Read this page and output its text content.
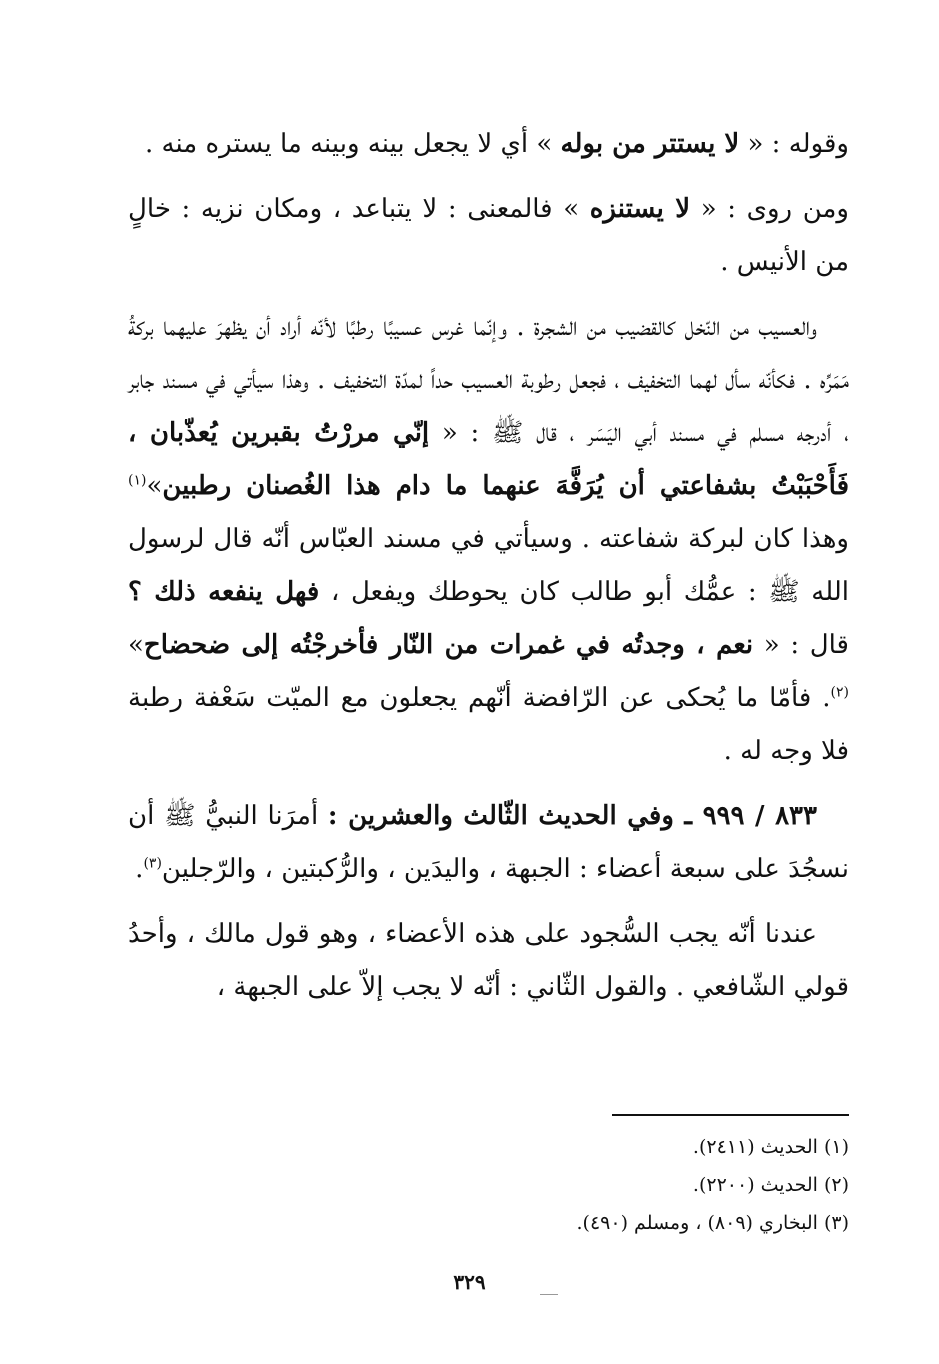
وقوله : « لا يستتر من بوله » أي لا يجعل بينه وبينه ما يستره منه .

ومن روى : « لا يستنزه » فالمعنى : لا يتباعد ، ومكان نزيه : خالٍ من الأنيس .

والعسيب من النّخل كالقضيب من الشجرة . وإنّما غرس عسيبًا رطبًا لأنّه أراد أن يظهرَ عليهما بركةُ مَمَرِّه . فكأنّه سأل لهما التخفيف ، فجعل رطوبة العسيب حداً لمدّة التخفيف . وهذا سيأتي في مسند جابر ، أدرجه مسلم في مسند أبي اليَسَر ، قال ﷺ : « إنّي مررْتُ بقبرين يُعذّبان ، فَأَحْبَبْتُ بشفاعتي أن يُرَفَّهَ عنهما ما دام هذا الغُصنان رطبين»$^{(١)}$ وهذا كان لبركة شفاعته . وسيأتي في مسند العبّاس أنّه قال لرسول الله ﷺ : عمُّك أبو طالب كان يحوطك ويفعل ، فهل ينفعه ذلك ؟ قال : « نعم ، وجدتُه في غمرات من النّار فأخرجْتُه إلى ضحضاح» $^{(٢)}$. فأمّا ما يُحكى عن الرّافضة أنّهم يجعلون مع الميّت سَعْفة رطبة فلا وجه له .

٨٣٣ / ٩٩٩ ـ وفي الحديث الثّالث والعشرين : أمرَنا النبيُّ ﷺ أن نسجُدَ على سبعة أعضاء : الجبهة ، واليدَين ، والرُّكبتين ، والرّجلين$^{(٣)}$.

عندنا أنّه يجب السُّجود على هذه الأعضاء ، وهو قول مالك ، وأحدُ قولي الشّافعي . والقول الثّاني : أنّه لا يجب إلاّ على الجبهة ،

(١) الحديث (٢٤١١).
(٢) الحديث (٢٢٠٠).
(٣) البخاري (٨٠٩) ، ومسلم (٤٩٠).
٣٢٩
